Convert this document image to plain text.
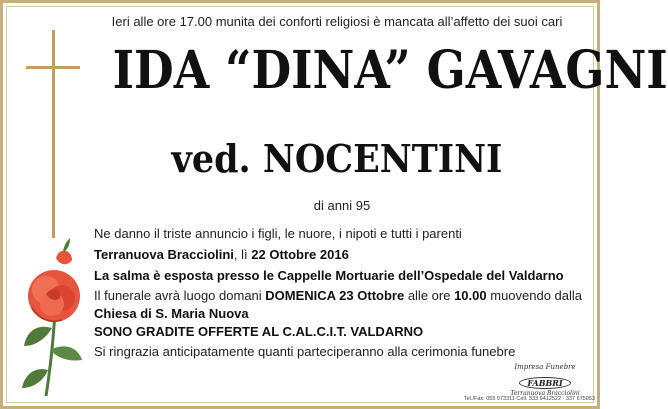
Ieri alle ore 17.00 munita dei conforti religiosi è mancata all’affetto dei suoi cari
IDA “DINA” GAVAGNI
ved. NOCENTINI
di anni 95
Ne danno il triste annuncio i figli, le nuore, i nipoti e tutti i parenti
Terranuova Bracciolini, lì 22 Ottobre 2016
La salma è esposta presso le Cappelle Mortuarie dell’Ospedale del Valdarno
Il funerale avrà luogo domani DOMENICA 23 Ottobre alle ore 10.00 muovendo dalla Chiesa di S. Maria Nuova
SONO GRADITE OFFERTE AL C.AL.C.I.T. VALDARNO
Si ringrazia anticipatamente quanti parteciperanno alla cerimonia funebre
Impresa Funebre
FABBRI
Terranuova Bracciolini
Tel./Fax. 055 973311 Cell. 333 9412522 - 337 675053
